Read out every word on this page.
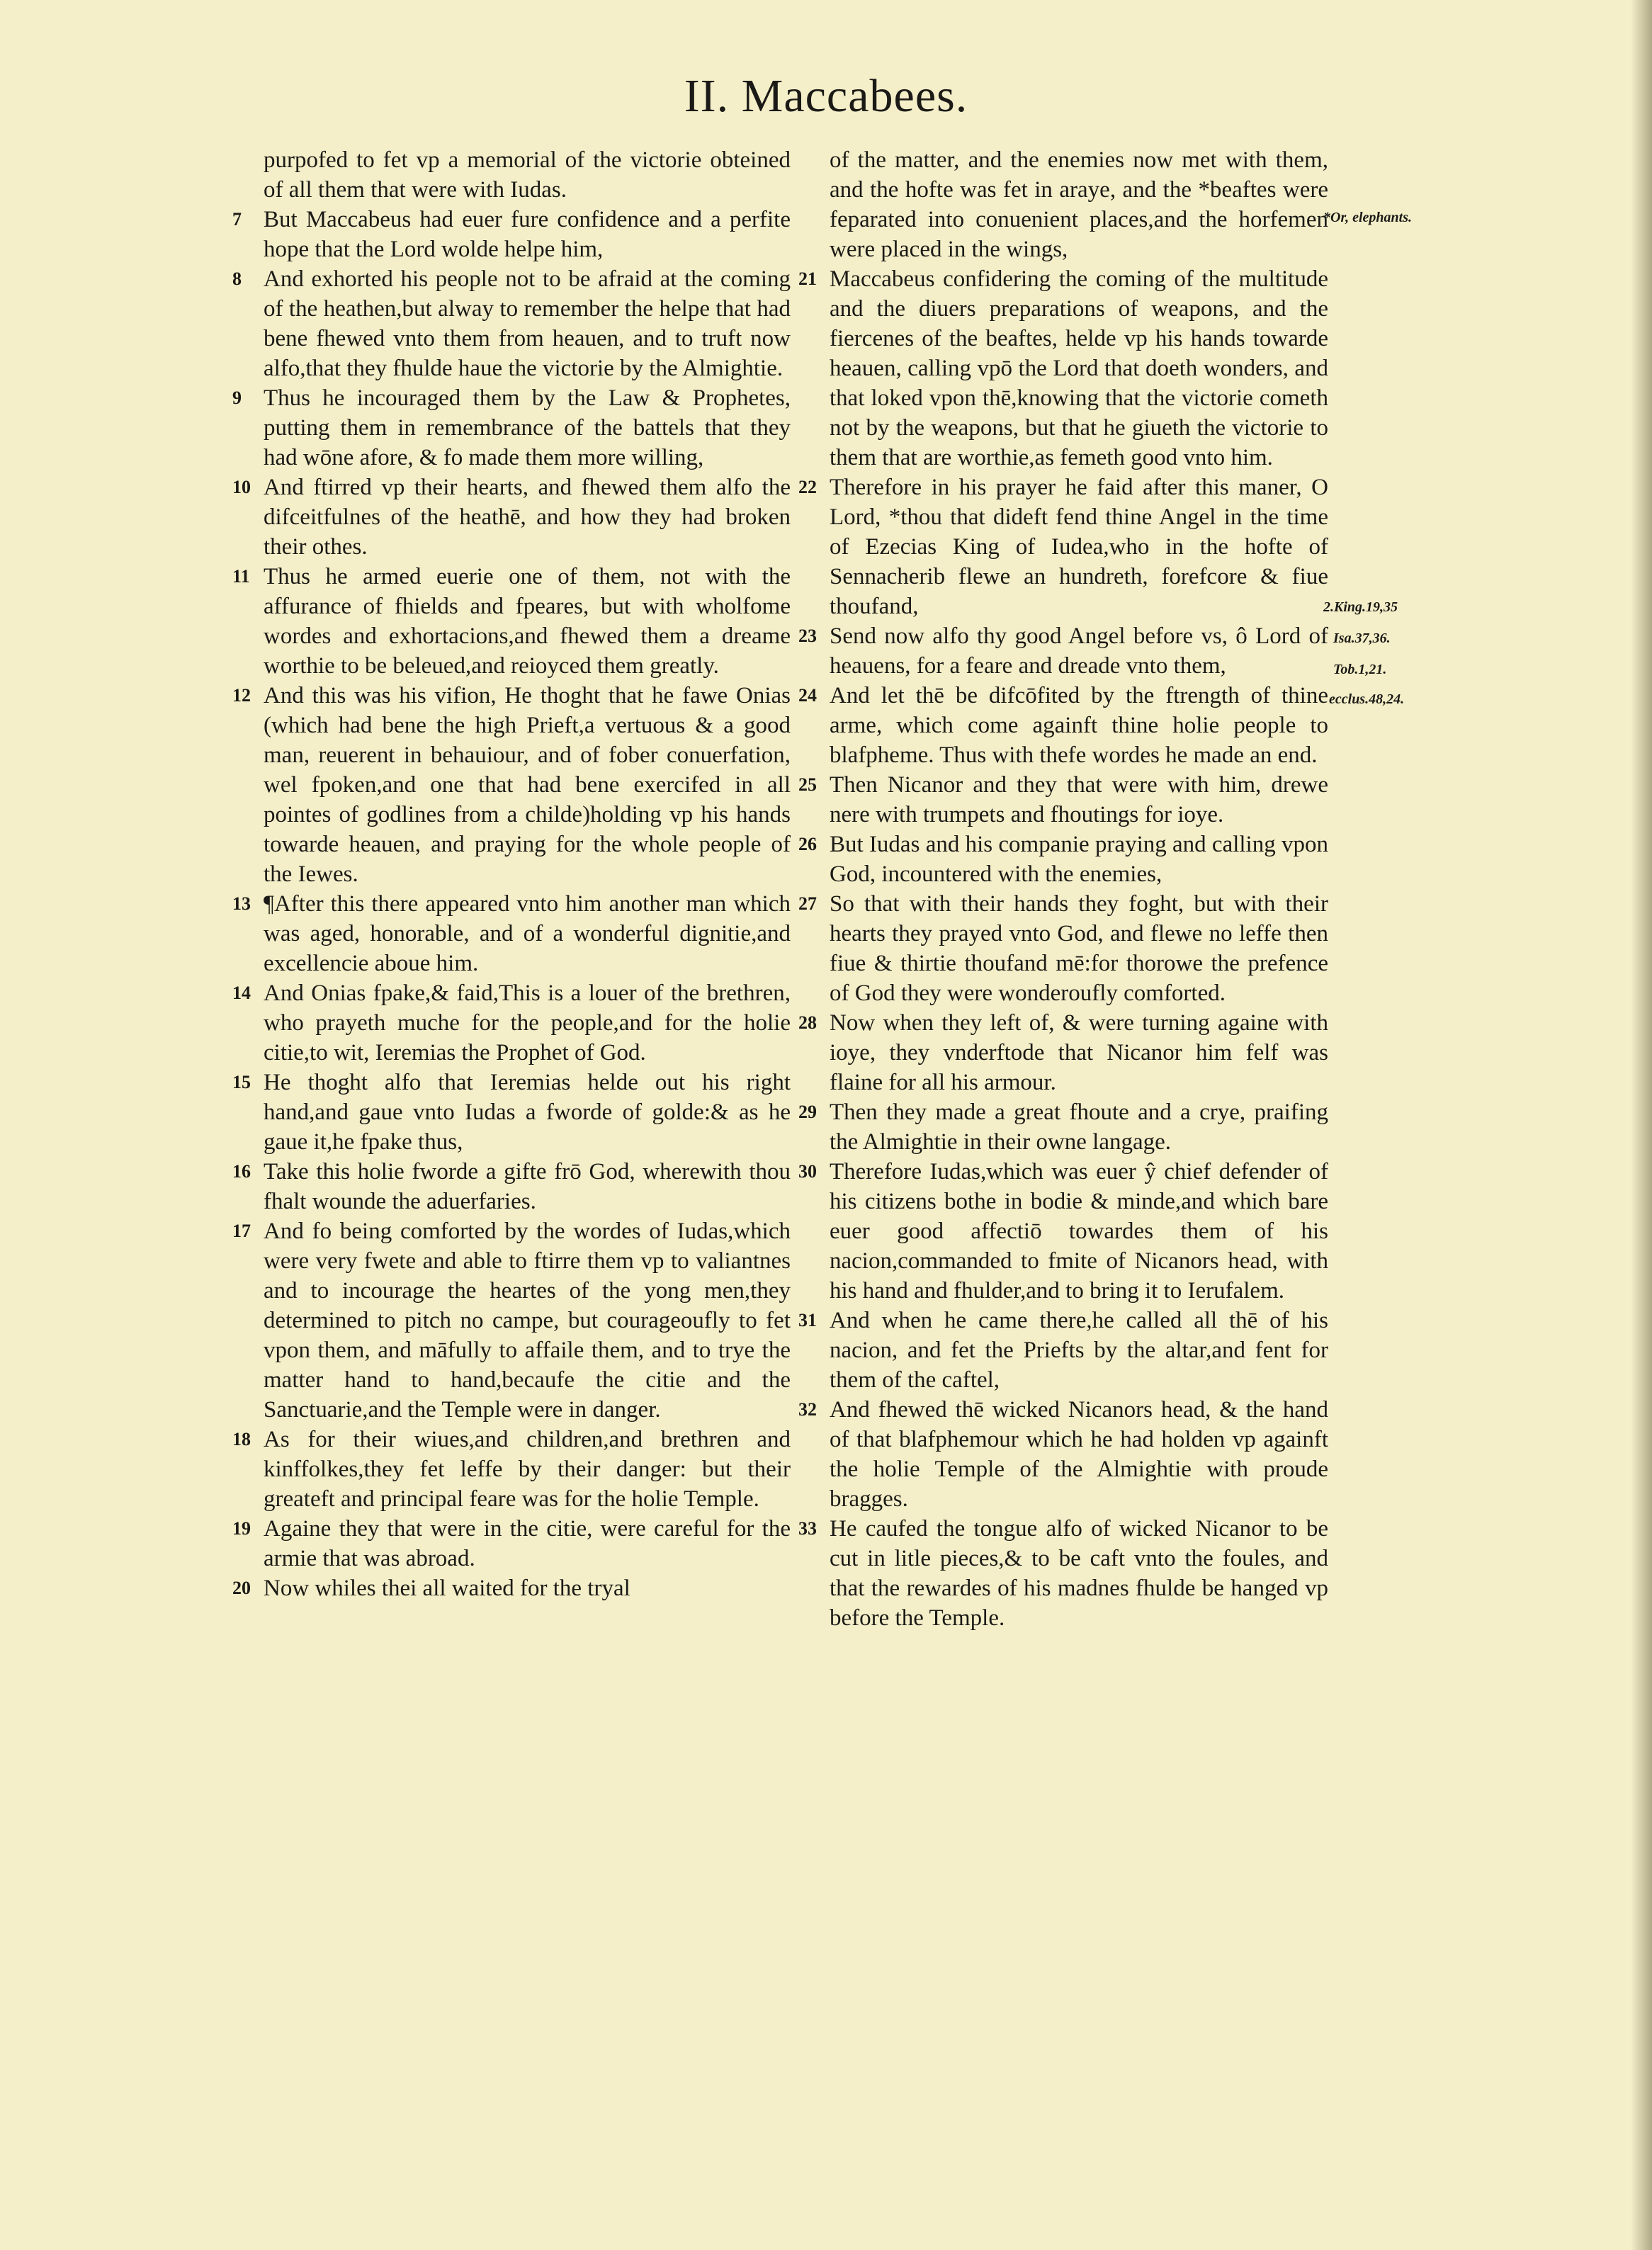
II. Maccabees.

purpofed to fet vp a memorial of the victorie obteined of all them that were with Iudas.

7 But Maccabeus had euer fure confidence and a perfite hope that the Lord wolde helpe him,

8 And exhorted his people not to be afraid at the coming of the heathen,but alway to remember the helpe that had bene fhewed vnto them from heauen, and to truft now alfo,that they fhulde haue the victorie by the Almightie.

9 Thus he incouraged them by the Law & Prophetes, putting them in remembrance of the battels that they had wōne afore, & fo made them more willing,

10 And ftirred vp their hearts, and fhewed them alfo the difceitfulnes of the heathē, and how they had broken their othes.

11 Thus he armed euerie one of them, not with the affurance of fhields and fpeares, but with wholfome wordes and exhortacions,and fhewed them a dreame worthie to be beleued,and reioyced them greatly.

12 And this was his vifion, He thoght that he fawe Onias (which had bene the high Prieft,a vertuous & a good man, reuerent in behauiour, and of fober conuerfation, wel fpoken,and one that had bene exercifed in all pointes of godlines from a childe)holding vp his hands towarde heauen, and praying for the whole people of the Iewes.

13 ¶After this there appeared vnto him another man which was aged, honorable, and of a wonderful dignitie,and excellencie aboue him.

14 And Onias fpake,& faid,This is a louer of the brethren, who prayeth muche for the people,and for the holie citie,to wit, Ieremias the Prophet of God.

15 He thoght alfo that Ieremias helde out his right hand,and gaue vnto Iudas a fworde of golde:& as he gaue it,he fpake thus,

16 Take this holie fworde a gifte frō God, wherewith thou fhalt wounde the aduerfaries.

17 And fo being comforted by the wordes of Iudas,which were very fwete and able to ftirre them vp to valiantnes and to incourage the heartes of the yong men,they determined to pitch no campe, but courageoufly to fet vpon them, and māfully to affaile them, and to trye the matter hand to hand,becaufe the citie and the Sanctuarie,and the Temple were in danger.

18 As for their wiues,and children,and brethren and kinffolkes,they fet leffe by their danger: but their greateft and principal feare was for the holie Temple.

19 Againe they that were in the citie, were careful for the armie that was abroad.

20 Now whiles thei all waited for the tryal

of the matter, and the enemies now met with them, and the hofte was fet in araye, and the *beaftes were feparated into conuenient places,and the horfemen were placed in the wings,

21 Maccabeus confidering the coming of the multitude and the diuers preparations of weapons, and the fiercenes of the beaftes, helde vp his hands towarde heauen, calling vpō the Lord that doeth wonders, and that loked vpon thē,knowing that the victorie cometh not by the weapons, but that he giueth the victorie to them that are worthie,as femeth good vnto him.

22 Therefore in his prayer he faid after this maner, O Lord, *thou that dideft fend thine Angel in the time of Ezecias King of Iudea,who in the hofte of Sennacherib flewe an hundreth, forefcore & fiue thoufand,

23 Send now alfo thy good Angel before vs, ô Lord of heauens, for a feare and dreade vnto them,

24 And let thē be difcōfited by the ftrength of thine arme, which come againft thine holie people to blafpheme. Thus with thefe wordes he made an end.

25 Then Nicanor and they that were with him, drewe nere with trumpets and fhoutings for ioye.

26 But Iudas and his companie praying and calling vpon God, incountered with the enemies,

27 So that with their hands they foght, but with their hearts they prayed vnto God, and flewe no leffe then fiue & thirtie thoufand mē:for thorowe the prefence of God they were wonderoufly comforted.

28 Now when they left of, & were turning againe with ioye, they vnderftode that Nicanor him felf was flaine for all his armour.

29 Then they made a great fhoute and a crye, praifing the Almightie in their owne langage.

30 Therefore Iudas,which was euer ŷ chief defender of his citizens bothe in bodie & minde,and which bare euer good affectiō towardes them of his nacion,commanded to fmite of Nicanors head, with his hand and fhulder,and to bring it to Ierufalem.

31 And when he came there,he called all thē of his nacion, and fet the Priefts by the altar,and fent for them of the caftel,

32 And fhewed thē wicked Nicanors head, & the hand of that blafphemour which he had holden vp againft the holie Temple of the Almightie with proude bragges.

33 He caufed the tongue alfo of wicked Nicanor to be cut in litle pieces,& to be caft vnto the foules, and that the rewardes of his madnes fhulde be hanged vp before the Temple.

*Or, elephants.
2.King.19,35
Isa.37,36.
Tob.1,21.
ecclus.48,24.
